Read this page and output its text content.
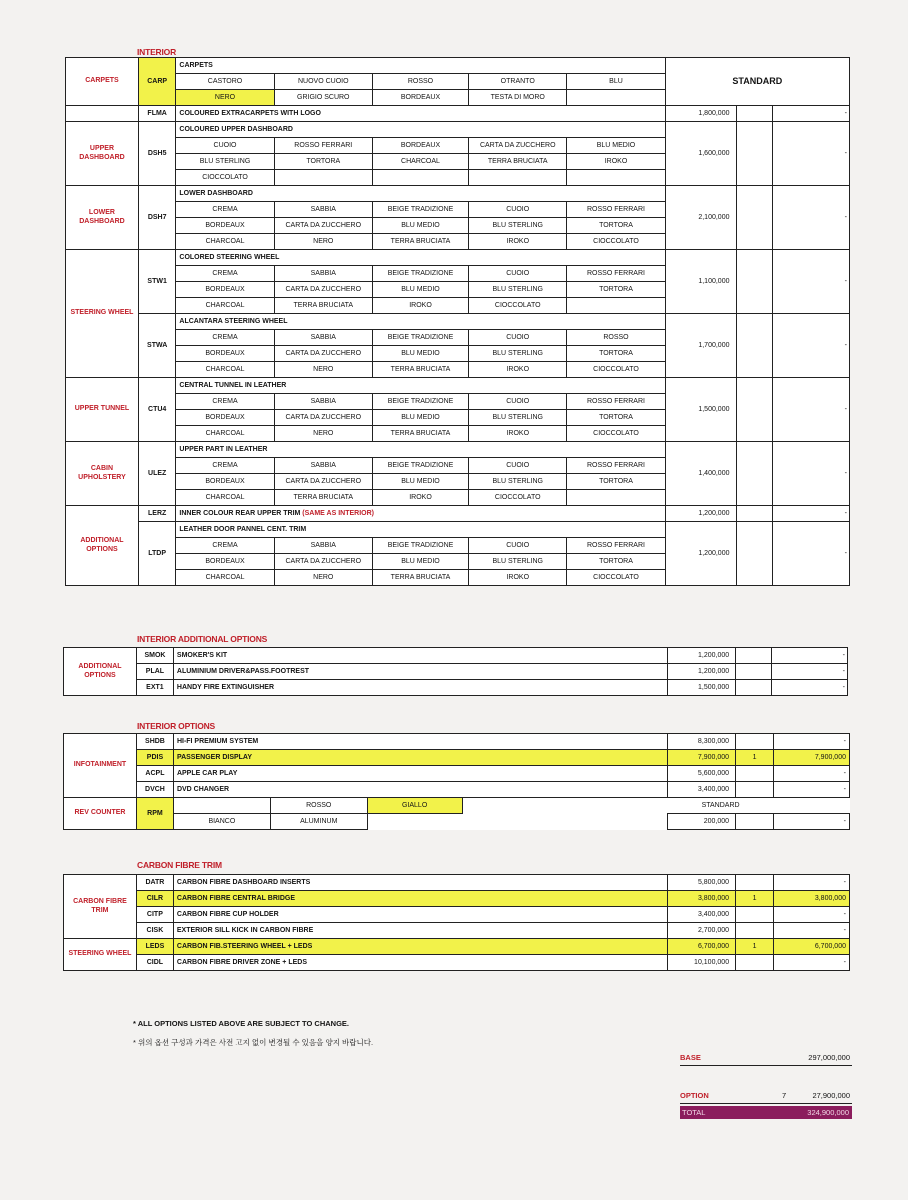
INTERIOR
CARPETS	CARP	CARPETS					STANDARD		
		CASTORO	NUOVO CUOIO	ROSSO	OTRANTO	BLU			
		NERO	GRIGIO SCURO	BORDEAUX	TESTA DI MORO				
	FLMA	COLOURED EXTRACARPETS WITH LOGO					1,800,000		-
UPPER DASHBOARD	DSH5	COLOURED UPPER DASHBOARD					1,600,000		-
		CUOIO	ROSSO FERRARI	BORDEAUX	CARTA DA ZUCCHERO	BLU MEDIO			
		BLU STERLING	TORTORA	CHARCOAL	TERRA BRUCIATA	IROKO			
		CIOCCOLATO							
LOWER DASHBOARD	DSH7	LOWER DASHBOARD					2,100,000		-
		CREMA	SABBIA	BEIGE TRADIZIONE	CUOIO	ROSSO FERRARI			
		BORDEAUX	CARTA DA ZUCCHERO	BLU MEDIO	BLU STERLING	TORTORA			
		CHARCOAL	NERO	TERRA BRUCIATA	IROKO	CIOCCOLATO			
STEERING WHEEL	STW1	COLORED STEERING WHEEL					1,100,000		-
		CREMA	SABBIA	BEIGE TRADIZIONE	CUOIO	ROSSO FERRARI			
		BORDEAUX	CARTA DA ZUCCHERO	BLU MEDIO	BLU STERLING	TORTORA			
		CHARCOAL	TERRA BRUCIATA	IROKO	CIOCCOLATO				
	STWA	ALCANTARA STEERING WHEEL					1,700,000		-
		CREMA	SABBIA	BEIGE TRADIZIONE	CUOIO	ROSSO			
		BORDEAUX	CARTA DA ZUCCHERO	BLU MEDIO	BLU STERLING	TORTORA			
		CHARCOAL	NERO	TERRA BRUCIATA	IROKO	CIOCCOLATO			
UPPER TUNNEL	CTU4	CENTRAL TUNNEL IN LEATHER					1,500,000		-
		CREMA	SABBIA	BEIGE TRADIZIONE	CUOIO	ROSSO FERRARI			
		BORDEAUX	CARTA DA ZUCCHERO	BLU MEDIO	BLU STERLING	TORTORA			
		CHARCOAL	NERO	TERRA BRUCIATA	IROKO	CIOCCOLATO			
CABIN UPHOLSTERY	ULEZ	UPPER PART IN LEATHER					1,400,000		-
		CREMA	SABBIA	BEIGE TRADIZIONE	CUOIO	ROSSO FERRARI			
		BORDEAUX	CARTA DA ZUCCHERO	BLU MEDIO	BLU STERLING	TORTORA			
		CHARCOAL	TERRA BRUCIATA	IROKO	CIOCCOLATO				
ADDITIONAL OPTIONS	LERZ	INNER COLOUR REAR UPPER TRIM (SAME AS INTERIOR)					1,200,000		-
	LTDP	LEATHER DOOR PANNEL CENT. TRIM					1,200,000		-
		CREMA	SABBIA	BEIGE TRADIZIONE	CUOIO	ROSSO FERRARI			
		BORDEAUX	CARTA DA ZUCCHERO	BLU MEDIO	BLU STERLING	TORTORA			
		CHARCOAL	NERO	TERRA BRUCIATA	IROKO	CIOCCOLATO			
INTERIOR ADDITIONAL OPTIONS
ADDITIONAL OPTIONS	SMOK	SMOKER'S KIT	1,200,000		-
	PLAL	ALUMINIUM DRIVER&PASS.FOOTREST	1,200,000		-
	EXT1	HANDY FIRE EXTINGUISHER	1,500,000		-
INTERIOR OPTIONS
INFOTAINMENT	SHDB	HI-FI PREMIUM SYSTEM				8,300,000		-
	PDIS	PASSENGER DISPLAY				7,900,000	1	7,900,000
	ACPL	APPLE CAR PLAY				5,600,000		-
	DVCH	DVD CHANGER				3,400,000		-
REV COUNTER	RPM		ROSSO	GIALLO		STANDARD		
		BIANCO	ALUMINUM			200,000		-
CARBON FIBRE TRIM
CARBON FIBRE TRIM	DATR	CARBON FIBRE DASHBOARD INSERTS	5,800,000		-
	CILR	CARBON FIBRE CENTRAL BRIDGE	3,800,000	1	3,800,000
	CITP	CARBON FIBRE CUP HOLDER	3,400,000		-
	CISK	EXTERIOR SILL KICK IN CARBON FIBRE	2,700,000		-
STEERING WHEEL	LEDS	CARBON FIB.STEERING WHEEL + LEDS	6,700,000	1	6,700,000
	CIDL	CARBON FIBRE DRIVER ZONE + LEDS	10,100,000		-
* ALL OPTIONS LISTED ABOVE ARE SUBJECT TO CHANGE.
* 위의 옵션 구성과 가격은 사전 고지 없이 변경될 수 있음을 양지 바랍니다.
BASE	297,000,000
OPTION	7	27,900,000
TOTAL	324,900,000
